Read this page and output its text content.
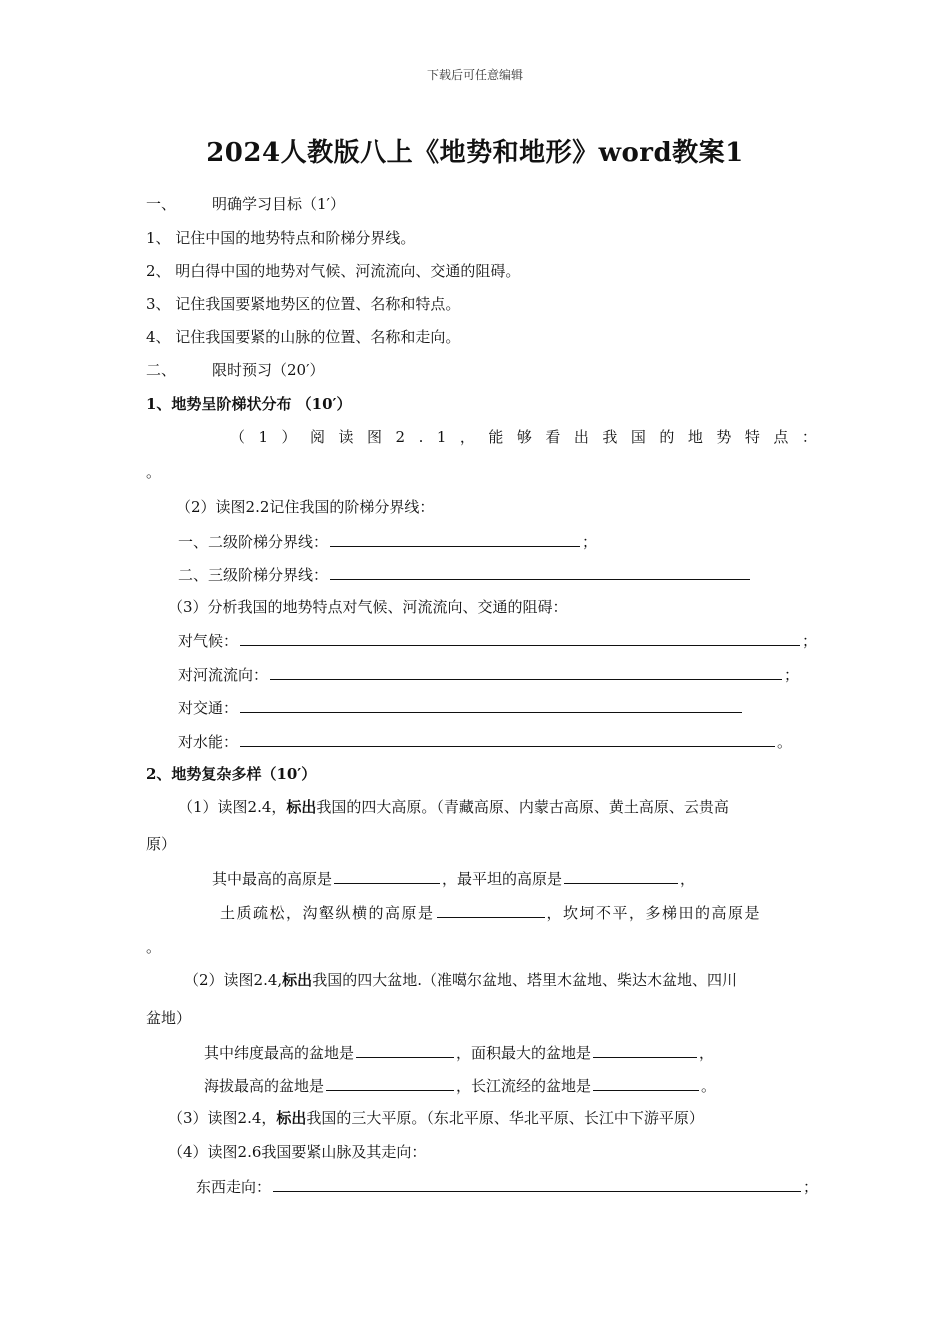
下载后可任意编辑
2024人教版八上《地势和地形》word教案1
一、 明确学习目标（1′）
1、 记住中国的地势特点和阶梯分界线。
2、 明白得中国的地势对气候、河流流向、交通的阻碍。
3、 记住我国要紧地势区的位置、名称和特点。
4、 记住我国要紧的山脉的位置、名称和走向。
二、 限时预习（20′）
1、地势呈阶梯状分布 （10′）
（1）阅读图2.1，能够看出我国的地势特点：
。
（2）读图2.2记住我国的阶梯分界线：
一、二级阶梯分界线：	；
二、三级阶梯分界线：
（3）分析我国的地势特点对气候、河流流向、交通的阻碍：
对气候：	；
对河流流向：	；
对交通：
对水能：	。
2、地势复杂多样（10′）
（1）读图2.4，标出我国的四大高原。（青藏高原、内蒙古高原、黄土高原、云贵高
原）
其中最高的高原是	，最平坦的高原是	，
土质疏松，沟壑纵横的高原是	，坎坷不平，多梯田的高原是
。
（2）读图2.4,标出我国的四大盆地.（准噶尔盆地、塔里木盆地、柴达木盆地、四川
盆地）
其中纬度最高的盆地是	，面积最大的盆地是	，
海拔最高的盆地是	，长江流经的盆地是	。
（3）读图2.4，标出我国的三大平原。（东北平原、华北平原、长江中下游平原）
（4）读图2.6我国要紧山脉及其走向：
东西走向：	；
